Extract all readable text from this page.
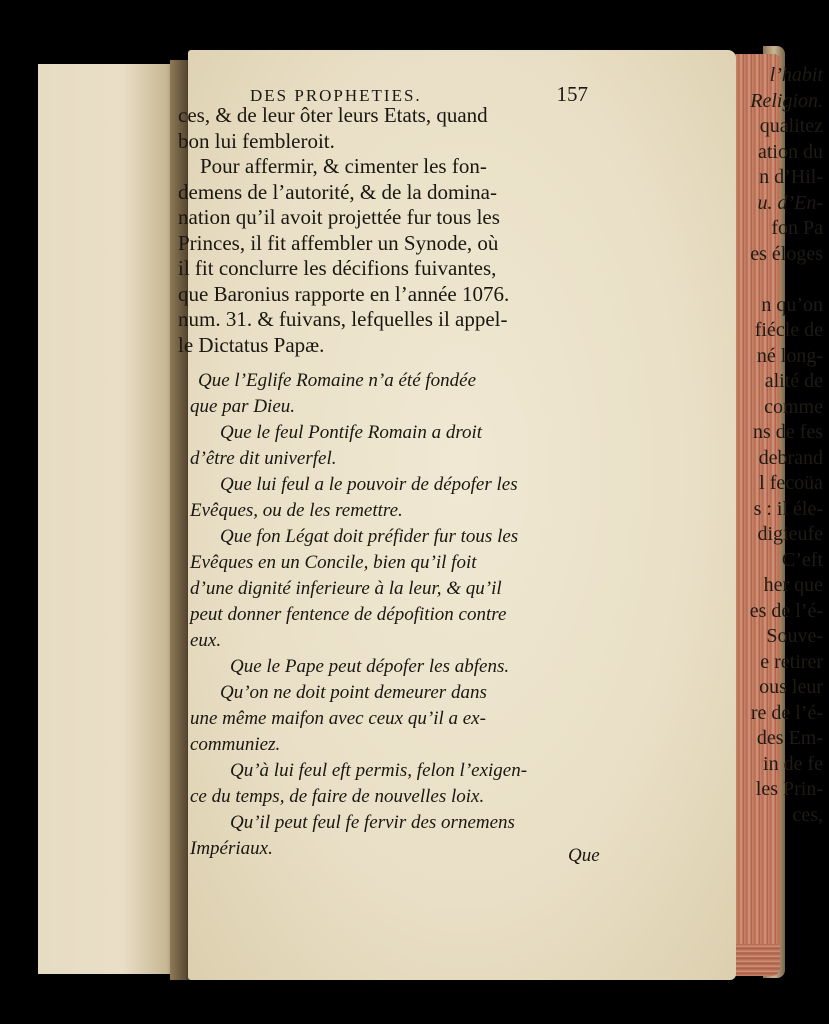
l’habit
Religion.
qualitez
ation du
n d’Hil-
u. d’En-
fon Pa
es éloges

n qu’on
fiécle de
né long-
alité de
comme
ns de fes
debrand
l fecoüa
s : il éle-
digieufe
C’eft
her que
es de l’é-
Souve-
e retirer
ous leur
re de l’é-
des Em-
in de fe
les Prin-
ces,
DES PROPHETIES.	157
ces, & de leur ôter leurs Etats, quand
bon lui fembleroit.
Pour affermir, & cimenter les fon-
demens de l’autorité, & de la domina-
nation qu’il avoit projettée fur tous les
Princes, il fit affembler un Synode, où
il fit conclurre les décifions fuivantes,
que Baronius rapporte en l’année 1076.
num. 31. & fuivans, lefquelles il appel-
le Dictatus Papæ.
Que l’Eglife Romaine n’a été fondée
que par Dieu.
Que le feul Pontife Romain a droit
d’être dit univerfel.
Que lui feul a le pouvoir de dépofer les
Evêques, ou de les remettre.
Que fon Légat doit préfider fur tous les
Evêques en un Concile, bien qu’il foit
d’une dignité inferieure à la leur, & qu’il
peut donner fentence de dépofition contre
eux.
Que le Pape peut dépofer les abfens.
Qu’on ne doit point demeurer dans
une même maifon avec ceux qu’il a ex-
communiez.
Qu’à lui feul eft permis, felon l’exigen-
ce du temps, de faire de nouvelles loix.
Qu’il peut feul fe fervir des ornemens
Impériaux.	Que
